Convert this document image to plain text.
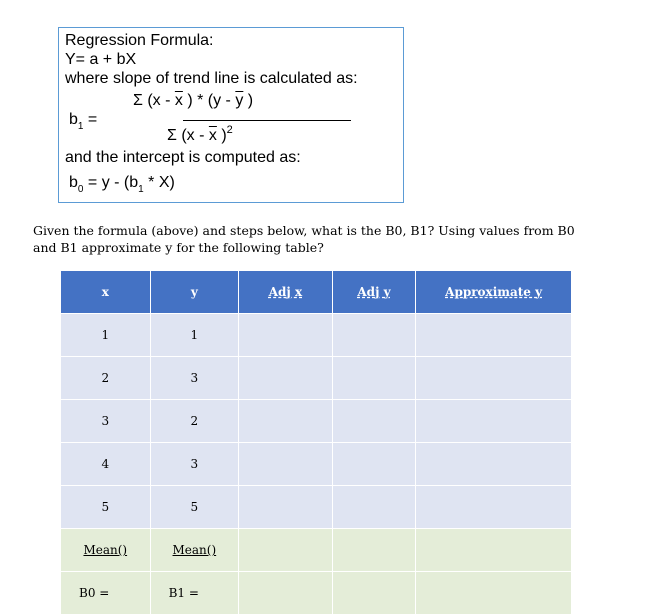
Regression Formula:
Y= a + bX
where slope of trend line is calculated as:
Σ ($x - \overline{x}$ ) * ($y - \overline{y}$ )
$b_1$ =
Σ ($x - \overline{x}$ )$^2$
and the intercept is computed as:
$b_0 = y - (b_1 * X)$
Given the formula (above) and steps below, what is the B0, B1? Using values from B0 and B1 approximate y for the following table?
x	y	Adj x	Adj y	Approximate y
1	1			
2	3			
3	2			
4	3			
5	5			
Mean()	Mean()			
B0 =	B1 =			
